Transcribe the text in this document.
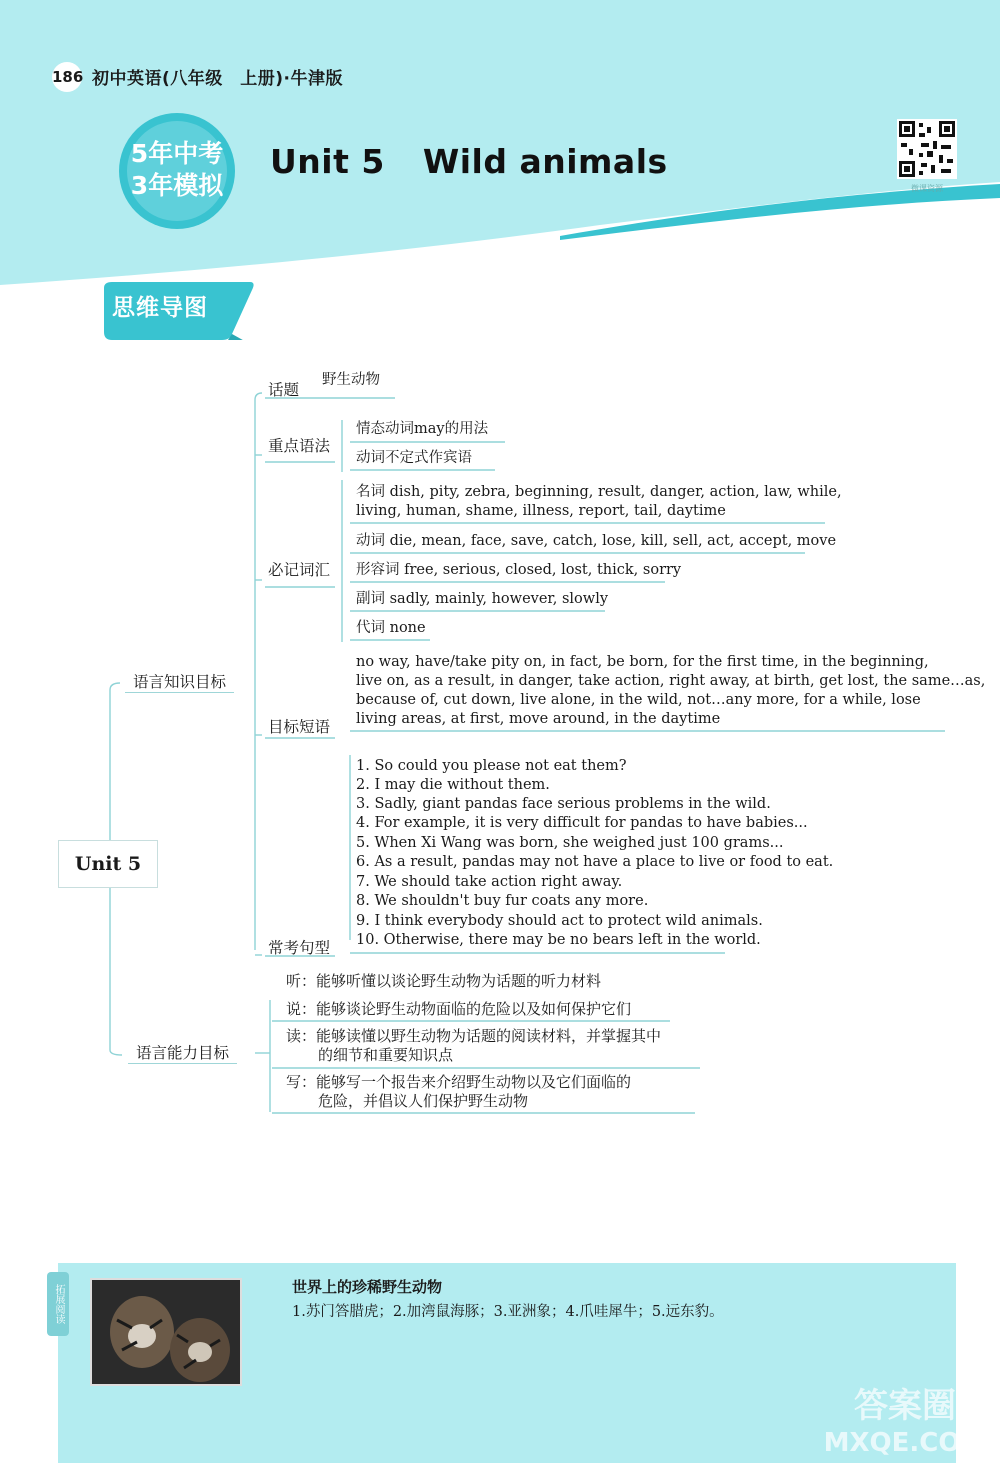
186 初中英语(八年级　上册)·牛津版
5年中考
3年模拟
Unit 5 Wild animals
微课资源
思维导图
Unit 5
语言知识目标
语言能力目标
话题
野生动物
重点语法
情态动词may的用法
动词不定式作宾语
必记词汇
名词 dish, pity, zebra, beginning, result, danger, action, law, while,
living, human, shame, illness, report, tail, daytime
动词 die, mean, face, save, catch, lose, kill, sell, act, accept, move
形容词 free, serious, closed, lost, thick, sorry
副词 sadly, mainly, however, slowly
代词 none
no way, have/take pity on, in fact, be born, for the first time, in the beginning,
live on, as a result, in danger, take action, right away, at birth, get lost, the same…as,
because of, cut down, live alone, in the wild, not…any more, for a while, lose
living areas, at first, move around, in the daytime
目标短语
1. So could you please not eat them?
2. I may die without them.
3. Sadly, giant pandas face serious problems in the wild.
4. For example, it is very difficult for pandas to have babies...
5. When Xi Wang was born, she weighed just 100 grams...
6. As a result, pandas may not have a place to live or food to eat.
7. We should take action right away.
8. We shouldn't buy fur coats any more.
9. I think everybody should act to protect wild animals.
10. Otherwise, there may be no bears left in the world.
常考句型
听：能够听懂以谈论野生动物为话题的听力材料
说：能够谈论野生动物面临的危险以及如何保护它们
读：能够读懂以野生动物为话题的阅读材料，并掌握其中
的细节和重要知识点
写：能够写一个报告来介绍野生动物以及它们面临的
危险，并倡议人们保护野生动物
拓展阅读	世界上的珍稀野生动物
1.苏门答腊虎；2.加湾鼠海豚；3.亚洲象；4.爪哇犀牛；5.远东豹。
答案圈
MXQE.COM
